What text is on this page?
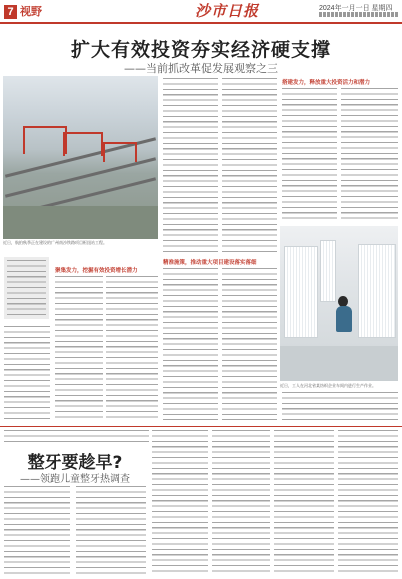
7 视野	沙市日报	2024年一月一日 星期四
扩大有效投资夯实经济硬支撑
——当前抓改革促发展观察之三
近日，航拍秋季正在建设的广州南沙铁路项目枢纽站工程。
搭建发力，释放重大投资活力和潜力
精准施策，推动重大项目建设落实落细
聚集发力，挖掘有效投资增长潜力
近日，工人在河北省某纺织企业车间内进行生产作业。
整牙要趁早?
——领跑儿童整牙热调查
